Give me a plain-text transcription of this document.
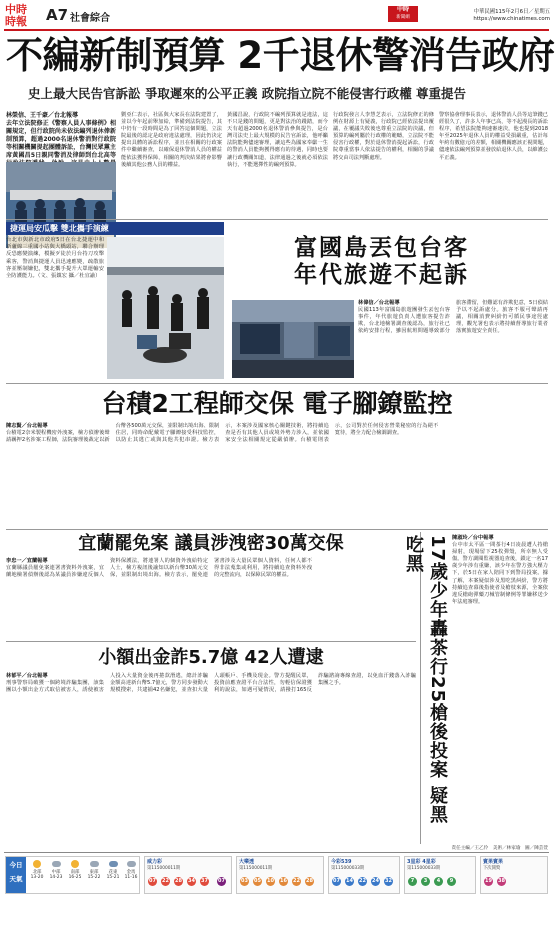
中時
時報	A7 社會綜合
中時
新聞網
中華民國115年2月6日／星期五
https://www.chinatimes.com
不編新制預算 2千退休警消告政府
史上最大民告官訴訟 爭取遲來的公平正義 政院指立院不能侵害行政權 尊重提告
林榮信、王千豪／台北報導
去年立法院修正《警察人員人事條例》相關規定，但行政院尚未依法編列退休俸新制預算，超過2000名退休警消對行政院等相關機關提起團體訴訟，台灣民眾黨主席黃國昌5日親同警消及律師到台北高等
劉亞仁表示，社區與大家長在法院建置了，並以今年起前舉加給，準備到法院提告，其中仍有一段時間是為了回答這個問題，立法院最後的認定是政府違法處理，因此仍決定提出具體的訴訟程序，並且在相關的行政案件中繼續審查，以確保退休警消人員的權益能依法獲得保障，相關的判決結果將會影響後續其他公務人員的權益。
黃國昌說，行政院不編列預算就是違法，這不只是錢的問題，更是對法治的踐踏，而今天有超過2000名退休警消參與提告，是台灣司法史上最大規模的民告官訴訟，他呼籲法院能夠儘速審理，讓這些為國家奉獻一生的警消人員能夠獲得應有的待遇，同時也要讓行政機關知道，法律通過之後就必須依法執行，不能選擇性的編列預算。
行政院發言人李慧芝表示，立法院修正的條例在財源上有疑義，行政院已經依法提出覆議，在覆議失敗後也尊重立法院的決議，但預算的編列屬於行政權的範疇，立法院不能侵害行政權，對於退休警消提起訴訟，行政院尊重當事人依法提告的權利，相關的爭議將交由司法判斷處理。
警察協會理事長表示，退休警消人員等這筆錢已經很久了，許多人年事已高，等不起漫長的訴訟程序，希望法院能夠速審速決，他也提到2018年至2025年退休人員的權益受損嚴重，估計每年約有數億元的差額，相關機關應該正視問題，儘速依法編列預算並發放給退休人員，以維護公平正義。
捷運局安瓜擊 雙北攜手演練
台北市與新北市政府5日在台北捷運中和新蘆線三重國小站與大橋頭站，聯合辦理反恐應變演練，模擬歹徒於月台持刀攻擊乘客，警消與捷運人員迅速應變，疏散旅客並壓制嫌犯，雙北攜手提升大眾運輸安全防護能力。（文、張鎮宏 攝／杜宜諭）
富國島丟包台客
年代旅遊不起訴
林偉信／台北報導
民國113年富國島旅遊團發生丟包台客事件，年代旅遊負責人遭旅客提告詐欺，台北地檢署調查後認為，旅行社已依約安排行程，雖因航班問題導致部分旅客滯留，但難認有詐欺犯意，5日偵結予以不起訴處分。旅客不服可聲請再議，相關消費糾紛仍可循民事途徑處理，觀光署也表示將持續督導旅行業者落實旅遊安全責任。
台積2工程師交保 電子腳鐐監控
陳志賢／台北報導
台積電2奈米製程機密外洩案，檢方偵辦後聲請羈押2名涉案工程師，法院審理後裁定以新台幣各500萬元交保，並限制出境出海、限制住居，同時命配戴電子腳鐐接受科技監控，以防止其逃亡或與其他共犯串證。檢方表示，本案涉及國家核心關鍵技術，將持續追查是否有其他人員或境外勢力涉入，並依國家安全法相關規定從嚴偵辦。台積電則表示，公司對於任何侵害營業秘密的行為絕不寬待，將全力配合檢調調查。
宜蘭罷免案 議員涉洩密30萬交保
李忠一／宜蘭報導
宜蘭縣議員罷免案連署書資料外洩案，宜蘭地檢署偵辦後認為某議員涉嫌違反個人資料保護法，將連署人的個資外洩給特定人士，檢方複訊後諭知以新台幣30萬元交保，並限制出境出海。檢方表示，罷免連署書涉及大量民眾個人資料，任何人都不得非法蒐集或利用，將持續追查資料外洩的完整流向，以保障民眾的權益。
小額出金詐5.7億 42人遭逮
林郁平／台北報導
刑事警察局破獲一個跨境詐騙集團，該集團以小額出金方式取信被害人，誘使被害人投入大量資金後再捲款潛逃，總計詐騙金額高達新台幣5.7億元，警方同步發動大規模搜索，共逮捕42名嫌犯，並查扣大量人頭帳戶、手機及現金。警方提醒民眾，投資前應查證平台合法性，勿輕信保證獲利的說法，如遇可疑情況，請撥打165反詐騙諮詢專線查證，以免血汗錢落入詐騙集團之手。	17歲少年轟茶行25槍後投案 疑黑吃黑	陳淑玲／台中報導
台中市太平區一間茶行4日凌晨遭人持槍掃射，現場留下25枚彈殼，所幸無人受傷。警方調閱監視器追查後，鎖定一名17歲少年涉有重嫌，該少年在警方強大壓力下，於5日在家人陪同下到警局投案。據了解，本案疑似涉及黑吃黑糾紛，警方將持續追查幕後指使者及槍枝來源，全案依違反槍砲彈藥刀械管制條例等罪嫌移送少年法庭審理。
責任主編／王乙伶　美術／林家瑜　圖／陳芸萱
今日
天氣
北部
13-20
中部
14-23
南部
16-25
東部
15-22
花東
15-21
金馬
11-16
威力彩
第115000011期
07 22 28 34 37 07
大樂透
第115000011期
03 05 10 16 22 28
今彩539
第115000033期
07 14 22 24 32
3星彩 4星彩
第115000033期
7	3	4	9
賓果賓果
下次開獎
19 38
